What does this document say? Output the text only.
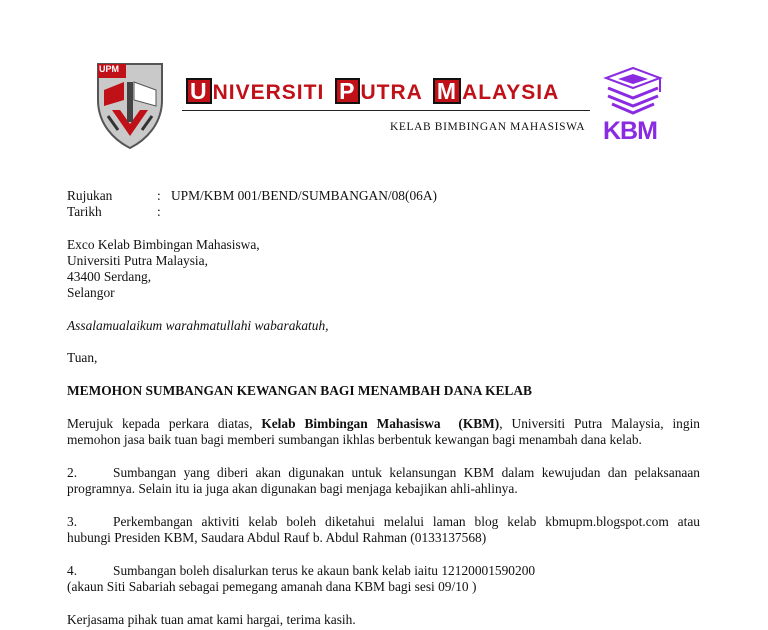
UPM
U NIVERSITI P UTRA M ALAYSIA
KELAB BIMBINGAN MAHASISWA KBM
Rujukan	: UPM/KBM 001/BEND/SUMBANGAN/08(06A)
Tarikh	:
Exco Kelab Bimbingan Mahasiswa,
Universiti Putra Malaysia,
43400 Serdang,
Selangor
Assalamualaikum warahmatullahi wabarakatuh,
Tuan,
MEMOHON SUMBANGAN KEWANGAN BAGI MENAMBAH DANA KELAB
Merujuk kepada perkara diatas, Kelab Bimbingan Mahasiswa  (KBM), Universiti Putra Malaysia, ingin
memohon jasa baik tuan bagi memberi sumbangan ikhlas berbentuk kewangan bagi menambah dana kelab.
2.	Sumbangan yang diberi akan digunakan untuk kelansungan KBM dalam kewujudan dan pelaksanaan
programnya. Selain itu ia juga akan digunakan bagi menjaga kebajikan ahli-ahlinya.
3.	Perkembangan aktiviti kelab boleh diketahui melalui laman blog kelab kbmupm.blogspot.com atau
hubungi Presiden KBM, Saudara Abdul Rauf b. Abdul Rahman (0133137568)
4.	Sumbangan boleh disalurkan terus ke akaun bank kelab iaitu 12120001590200
(akaun Siti Sabariah sebagai pemegang amanah dana KBM bagi sesi 09/10 )
Kerjasama pihak tuan amat kami hargai, terima kasih.
